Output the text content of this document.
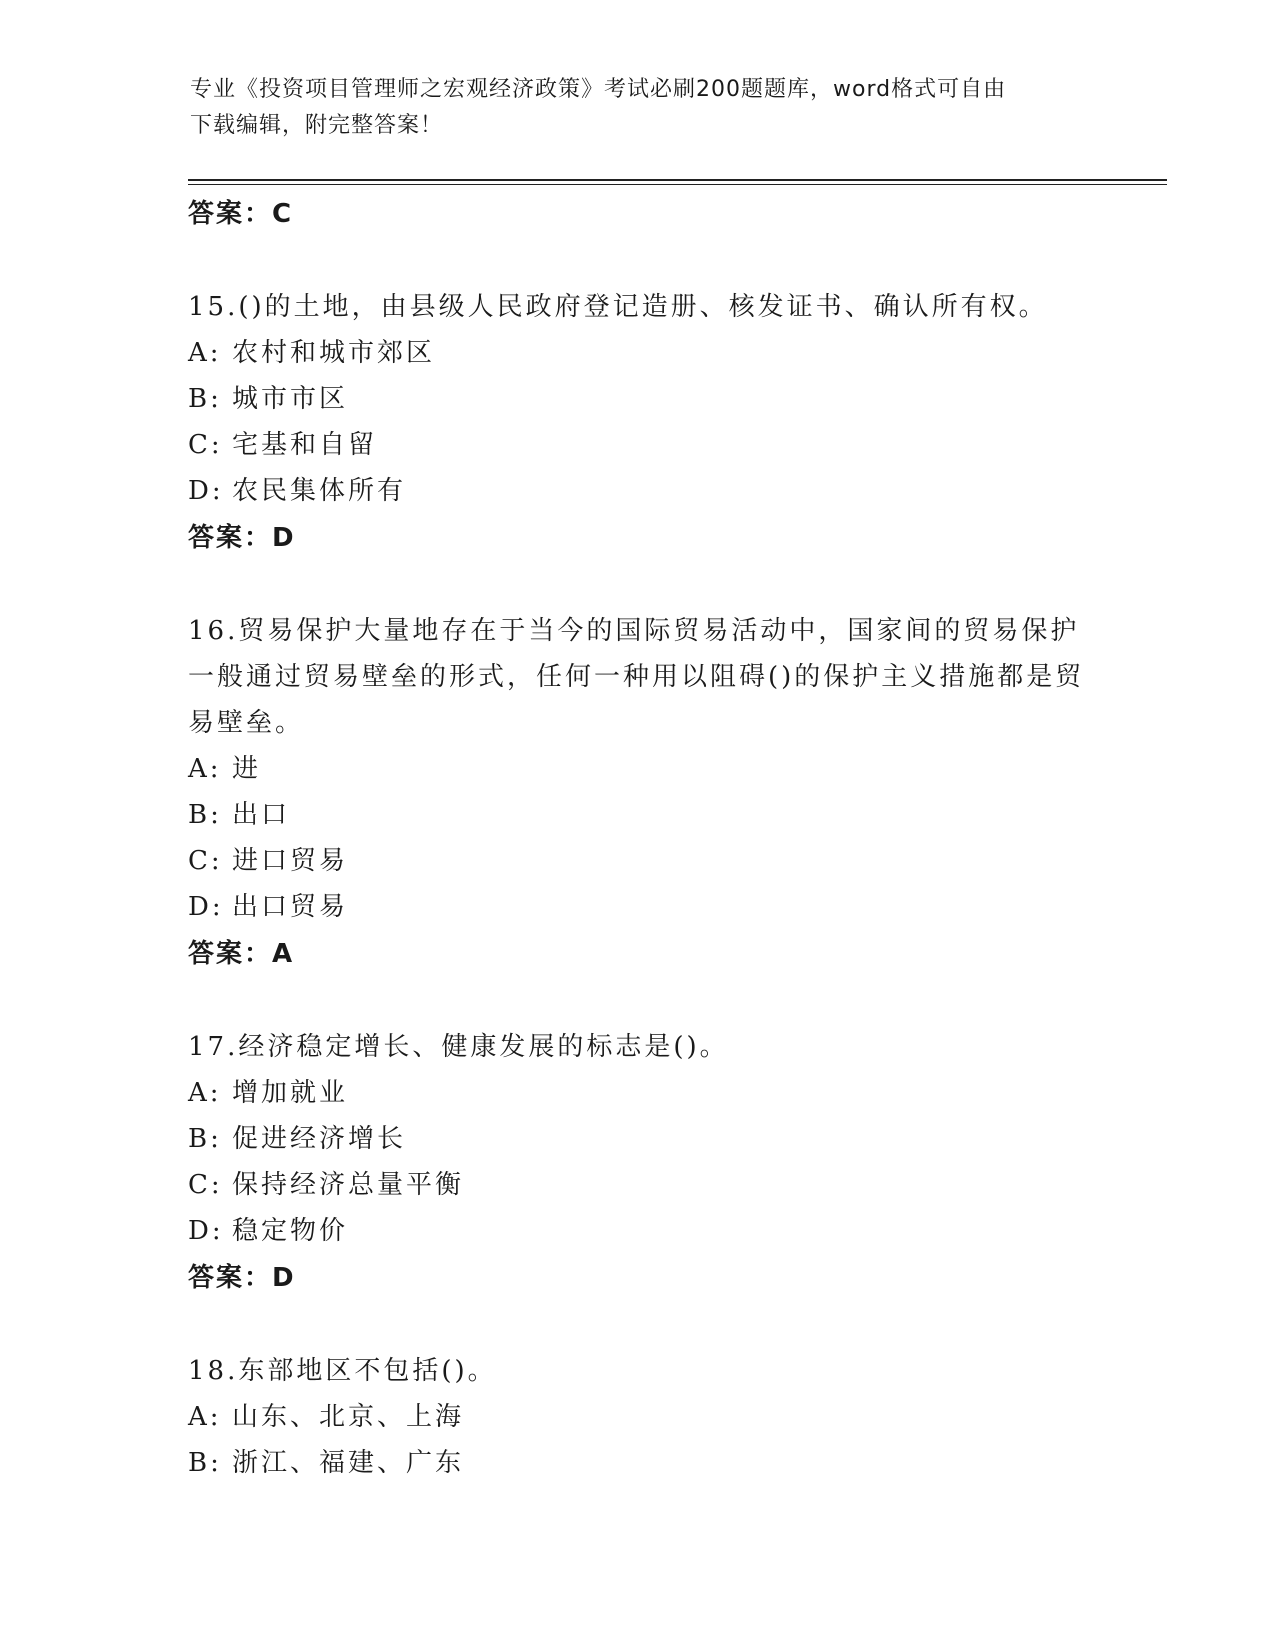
专业《投资项目管理师之宏观经济政策》考试必刷200题题库，word格式可自由
下载编辑，附完整答案！
答案：C
15.()的土地，由县级人民政府登记造册、核发证书、确认所有权。
A: 农村和城市郊区
B: 城市市区
C: 宅基和自留
D: 农民集体所有
答案：D
16.贸易保护大量地存在于当今的国际贸易活动中，国家间的贸易保护一般通过贸易壁垒的形式，任何一种用以阻碍()的保护主义措施都是贸易壁垒。
A: 进
B: 出口
C: 进口贸易
D: 出口贸易
答案：A
17.经济稳定增长、健康发展的标志是()。
A: 增加就业
B: 促进经济增长
C: 保持经济总量平衡
D: 稳定物价
答案：D
18.东部地区不包括()。
A: 山东、北京、上海
B: 浙江、福建、广东
